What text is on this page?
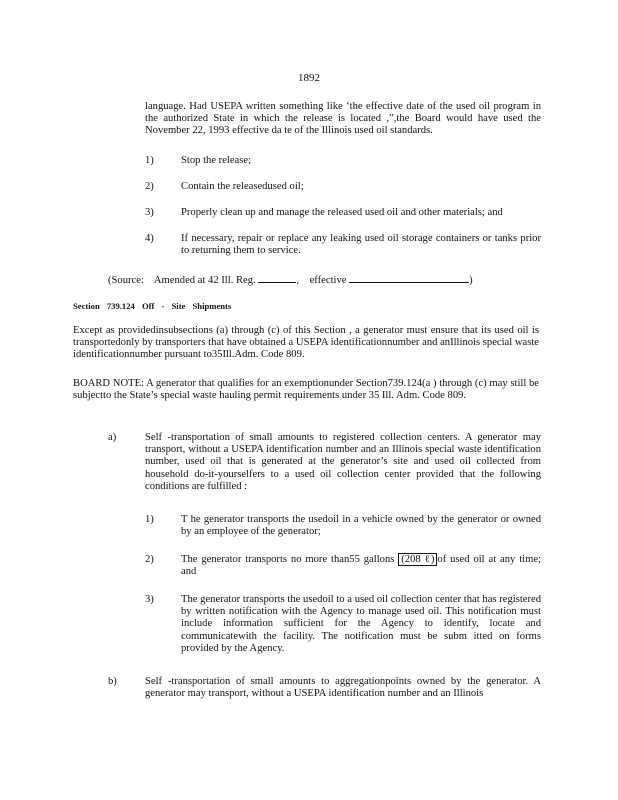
1892
language. Had USEPA written something like ‘the effective date of the used oil program in the authorized State in which the release is located ,”,the Board would have used the November 22, 1993 effective da te of the Illinois used oil standards.
1)	Stop the release;
2)	Contain the releasedused oil;
3)	Properly clean up and manage the released used oil and other materials; and
4)	If necessary, repair or replace any leaking used oil storage containers or tanks prior to returning them to service.
(Source: Amended at 42 Ill. Reg.	, effective	)
Section 739.124 Off - Site Shipments
Except as providedinsubsections (a) through (c) of this Section , a generator must ensure that its used oil is transportedonly by transporters that have obtained a USEPA identificationnumber and anIllinois special waste identificationnumber pursuant to35Ill.Adm. Code 809.
BOARD NOTE: A generator that qualifies for an exemptionunder Section739.124(a ) through (c) may still be subjectto the State’s special waste hauling permit requirements under 35 Ill. Adm. Code 809.
a)	Self -transportation of small amounts to registered collection centers. A generator may transport, without a USEPA identification number and an Illinois special waste identification number, used oil that is generated at the generator’s site and used oil collected from household do-it-yourselfers to a used oil collection center provided that the following conditions are fulfilled :
1)	T he generator transports the usedoil in a vehicle owned by the generator or owned by an employee of the generator;
2)	The generator transports no more than55 gallons (208 ℓ) of used oil at any time; and
3)	The generator transports the usedoil to a used oil collection center that has registered by written notification with the Agency to manage used oil. This notification must include information sufficient for the Agency to identify, locate and communicatewith the facility. The notification must be subm itted on forms provided by the Agency.
b)	Self -transportation of small amounts to aggregationpoints owned by the generator. A generator may transport, without a USEPA identification number and an Illinois
